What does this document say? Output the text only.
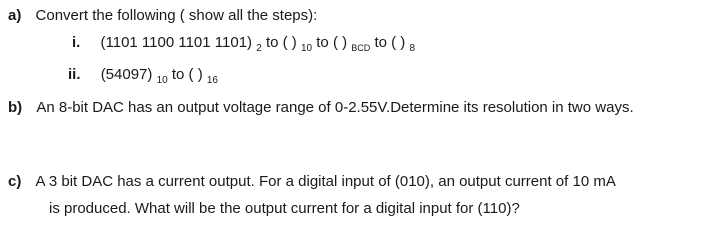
a) Convert the following ( show all the steps):
i. (1101 1100 1101 1101) $_2$ to ( ) $_{10}$ to ( ) $_{BCD}$ to ( ) $_8$
ii. (54097) $_{10}$ to ( ) $_{16}$
b) An 8-bit DAC has an output voltage range of 0-2.55V.Determine its resolution in two ways.
c) A 3 bit DAC has a current output. For a digital input of (010), an output current of 10 mA
is produced. What will be the output current for a digital input for (110)?
